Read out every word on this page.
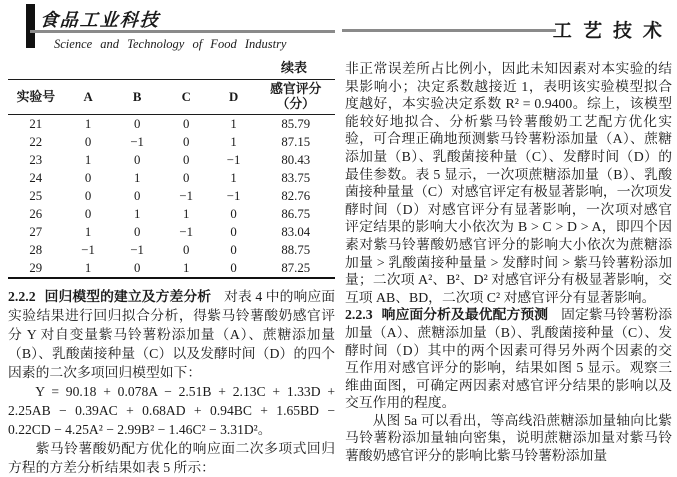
食品工业科技
Science and Technology of Food Industry
工艺技术
续表
实验号	A	B	C	D	感官评分（分）
21	1	0	0	1	85.79
22	0	−1	0	1	87.15
23	1	0	0	−1	80.43
24	0	1	0	1	83.75
25	0	0	−1	−1	82.76
26	0	1	1	0	86.75
27	1	0	−1	0	83.04
28	−1	−1	0	0	88.75
29	1	0	1	0	87.25

2.2.2 回归模型的建立及方差分析 对表 4 中的响应面实验结果进行回归拟合分析，得紫马铃薯酸奶感官评分 Y 对自变量紫马铃薯粉添加量（A）、蔗糖添加量（B）、乳酸菌接种量（C）以及发酵时间（D）的四个因素的二次多项回归模型如下：

Y = 90.18 + 0.078A − 2.51B + 2.13C + 1.33D + 2.25AB − 0.39AC + 0.68AD + 0.94BC + 1.65BD − 0.22CD − 4.25A² − 2.99B² − 1.46C² − 3.31D²。

紫马铃薯酸奶配方优化的响应面二次多项式回归方程的方差分析结果如表 5 所示：

非正常误差所占比例小，因此未知因素对本实验的结果影响小；决定系数越接近 1，表明该实验模型拟合度越好，本实验决定系数 R² = 0.9400。综上，该模型能较好地拟合、分析紫马铃薯酸奶工艺配方优化实验，可合理正确地预测紫马铃薯粉添加量（A）、蔗糖添加量（B）、乳酸菌接种量（C）、发酵时间（D）的最佳参数。表 5 显示，一次项蔗糖添加量（B）、乳酸菌接种量量（C）对感官评定有极显著影响，一次项发酵时间（D）对感官评分有显著影响，一次项对感官评定结果的影响大小依次为 B > C > D > A，即四个因素对紫马铃薯酸奶感官评分的影响大小依次为蔗糖添加量 > 乳酸菌接种量量 > 发酵时间 > 紫马铃薯粉添加量；二次项 A²、B²、D² 对感官评分有极显著影响，交互项 AB、BD，二次项 C² 对感官评分有显著影响。

2.2.3 响应面分析及最优配方预测 固定紫马铃薯粉添加量（A）、蔗糖添加量（B）、乳酸菌接种量（C）、发酵时间（D）其中的两个因素可得另外两个因素的交互作用对感官评分的影响，结果如图 5 显示。观察三维曲面图，可确定两因素对感官评分结果的影响以及交互作用的程度。

从图 5a 可以看出，等高线沿蔗糖添加量轴向比紫马铃薯粉添加量轴向密集，说明蔗糖添加量对紫马铃薯酸奶感官评分的影响比紫马铃薯粉添加量
